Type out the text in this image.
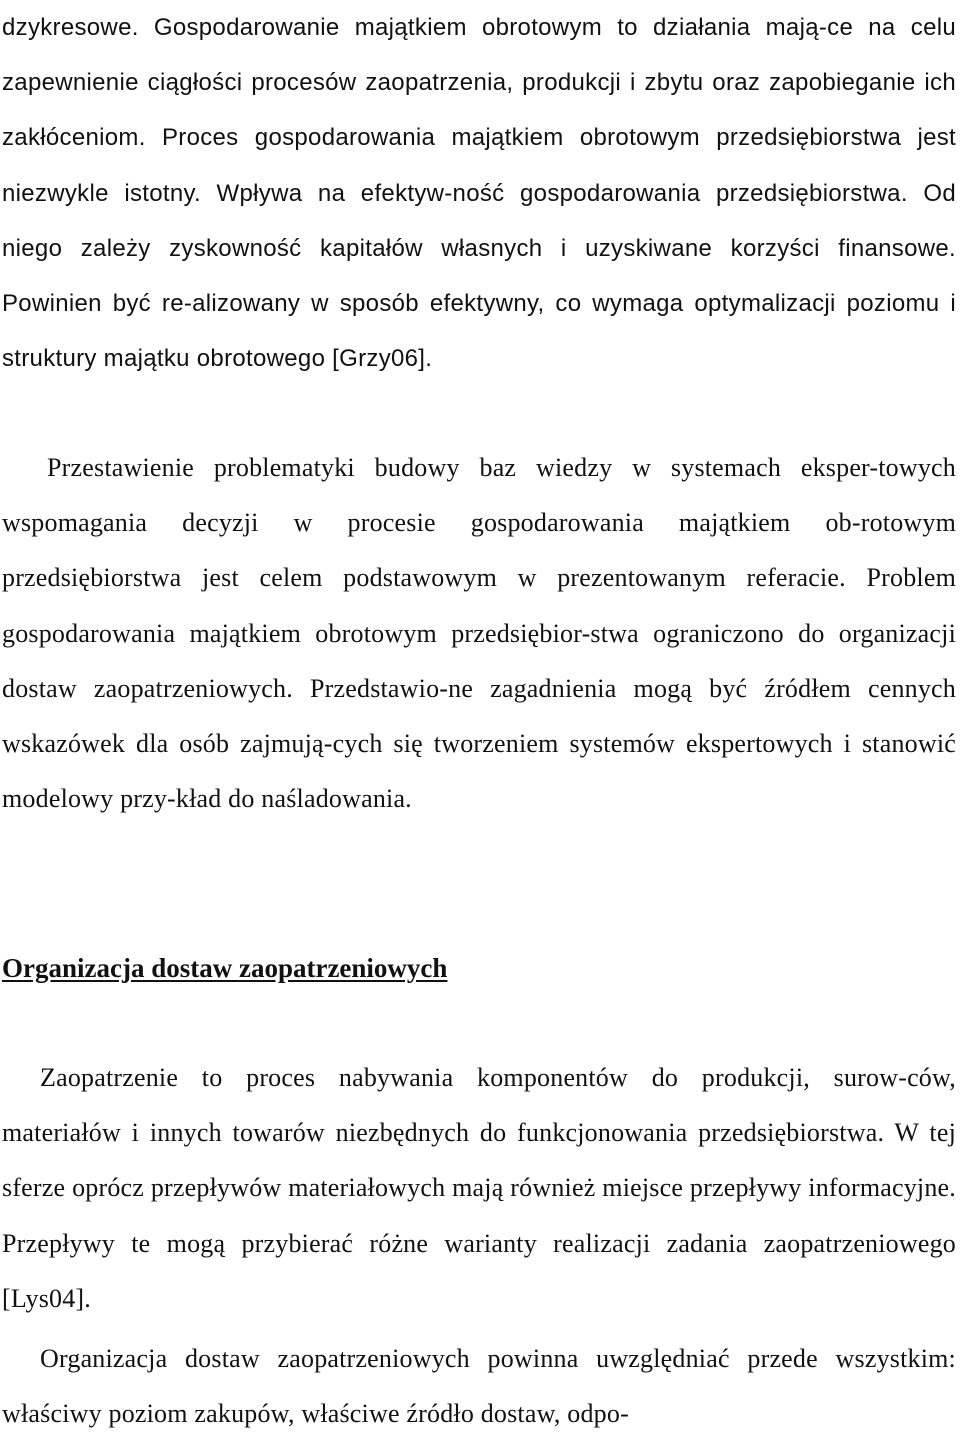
dzykresowe. Gospodarowanie majątkiem obrotowym to działania mają-ce na celu zapewnienie ciągłości procesów zaopatrzenia, produkcji i zbytu oraz zapobieganie ich zakłóceniom. Proces gospodarowania majątkiem obrotowym przedsiębiorstwa jest niezwykle istotny. Wpływa na efektyw-ność gospodarowania przedsiębiorstwa. Od niego zależy zyskowność kapitałów własnych i uzyskiwane korzyści finansowe. Powinien być re-alizowany w sposób efektywny, co wymaga optymalizacji poziomu i struktury majątku obrotowego [Grzy06].

Przestawienie problematyki budowy baz wiedzy w systemach eksper-towych wspomagania decyzji w procesie gospodarowania majątkiem ob-rotowym przedsiębiorstwa jest celem podstawowym w prezentowanym referacie. Problem gospodarowania majątkiem obrotowym przedsiębior-stwa ograniczono do organizacji dostaw zaopatrzeniowych. Przedstawio-ne zagadnienia mogą być źródłem cennych wskazówek dla osób zajmują-cych się tworzeniem systemów ekspertowych i stanowić modelowy przy-kład do naśladowania.

Organizacja dostaw zaopatrzeniowych

Zaopatrzenie to proces nabywania komponentów do produkcji, surow-ców, materiałów i innych towarów niezbędnych do funkcjonowania przedsiębiorstwa. W tej sferze oprócz przepływów materiałowych mają również miejsce przepływy informacyjne. Przepływy te mogą przybierać różne warianty realizacji zadania zaopatrzeniowego [Lys04].

Organizacja dostaw zaopatrzeniowych powinna uwzględniać przede wszystkim: właściwy poziom zakupów, właściwe źródło dostaw, odpo-
